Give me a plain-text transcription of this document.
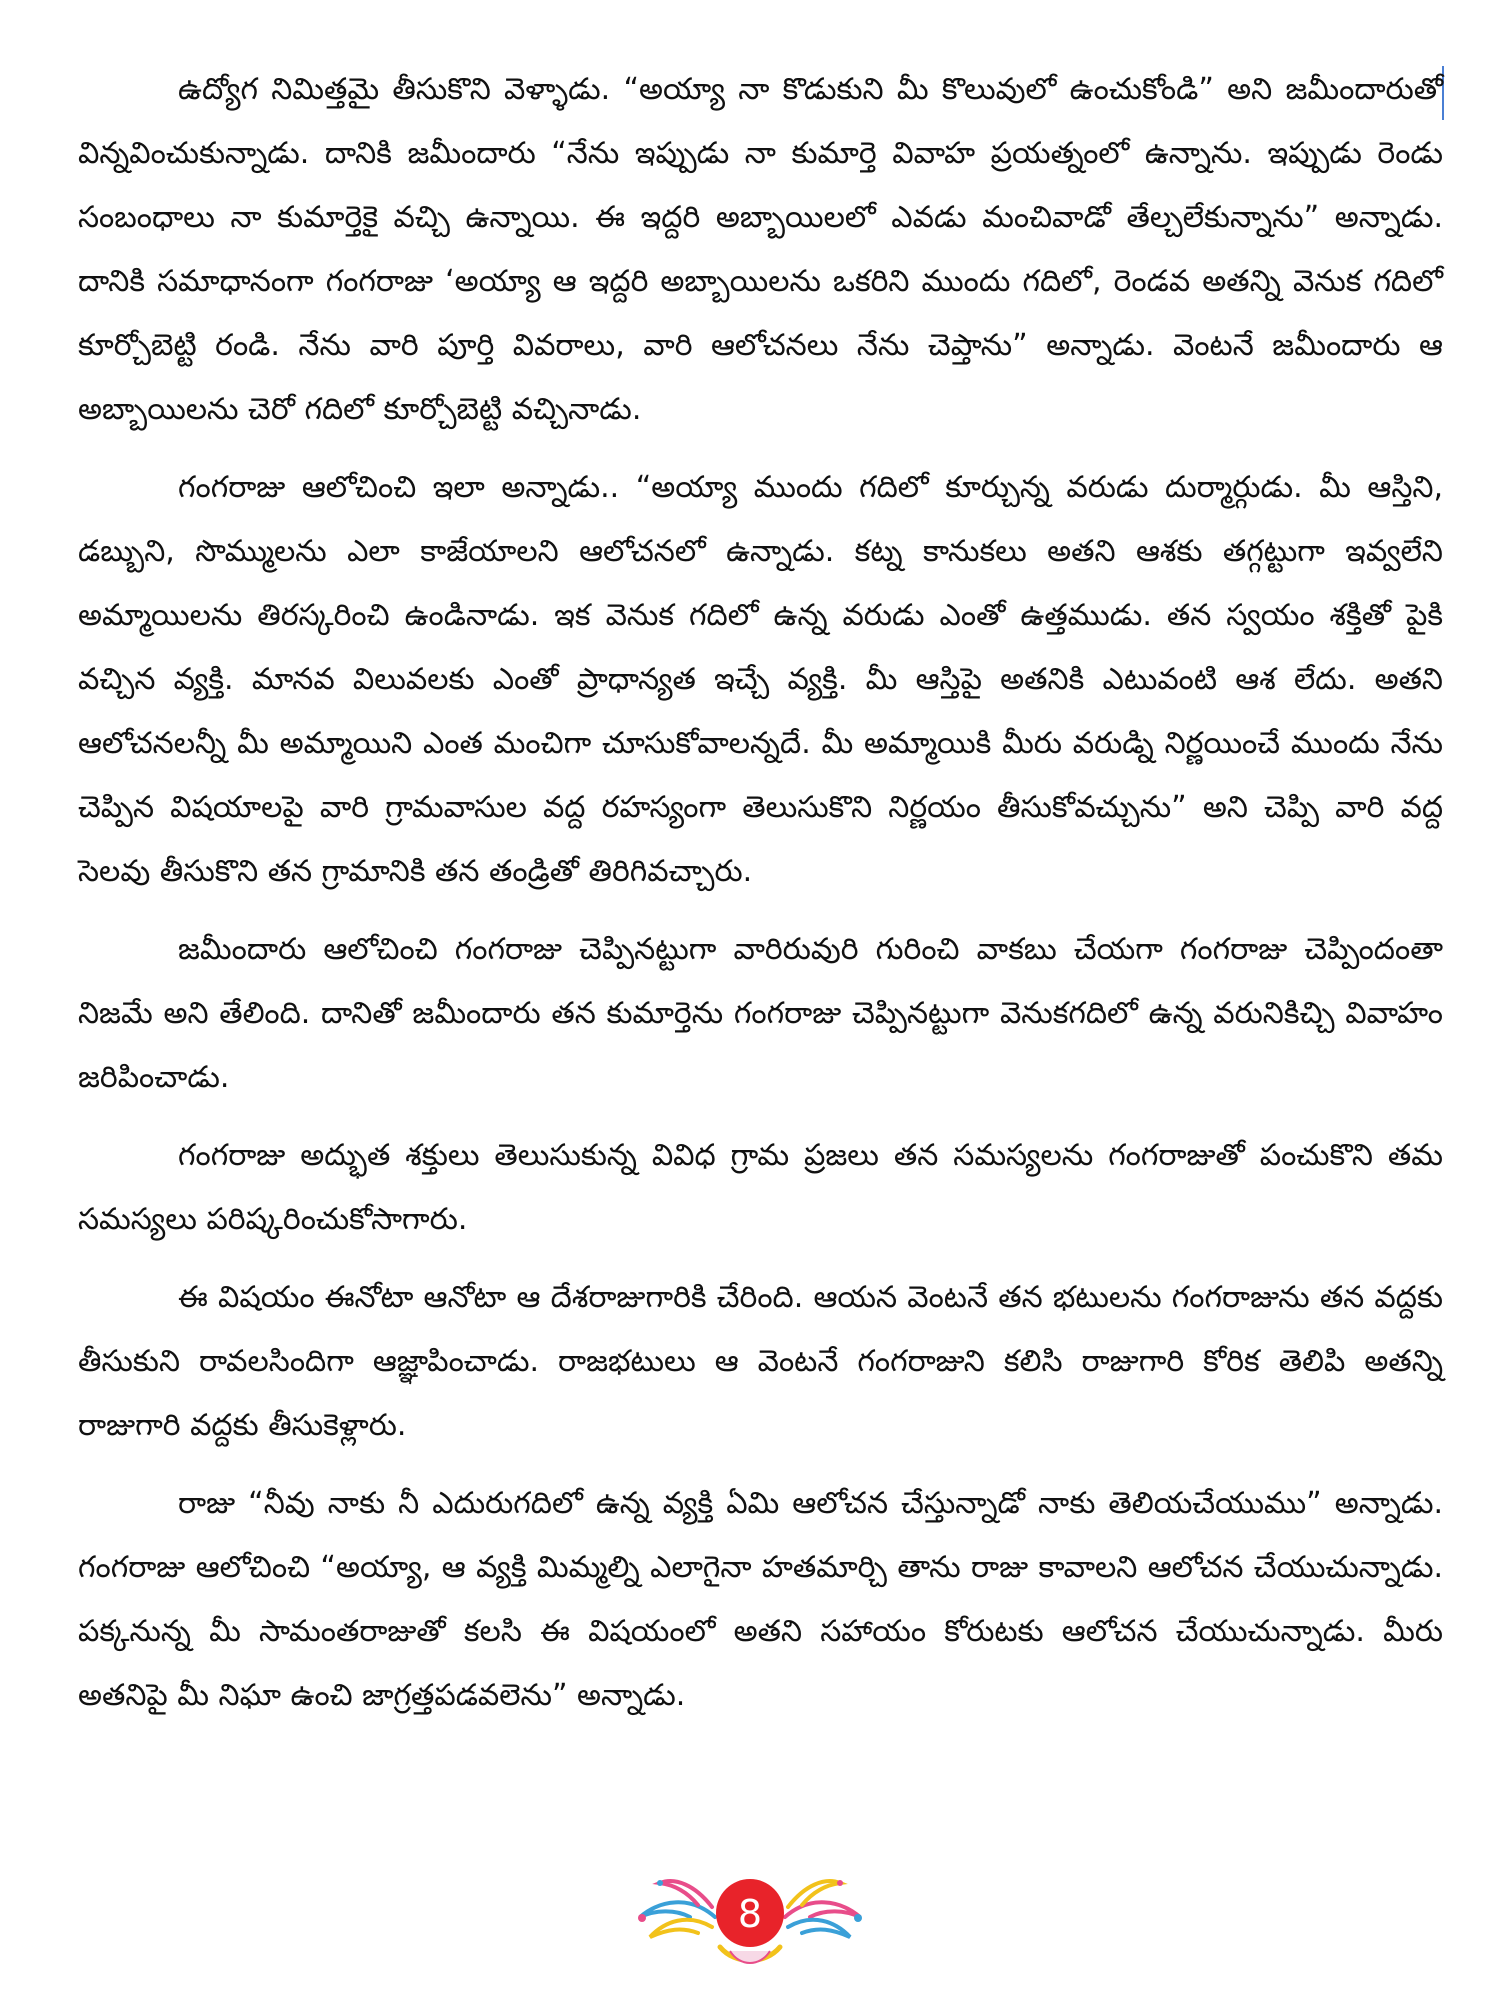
ఉద్యోగ నిమిత్తమై తీసుకొని వెళ్ళాడు. “అయ్యా నా కొడుకుని మీ కొలువులో ఉంచుకోండి” అని జమీందారుతో విన్నవించుకున్నాడు. దానికి జమీందారు “నేను ఇప్పుడు నా కుమార్తె వివాహ ప్రయత్నంలో ఉన్నాను. ఇప్పుడు రెండు సంబంధాలు నా కుమార్తెకై వచ్చి ఉన్నాయి. ఈ ఇద్దరి అబ్బాయిలలో ఎవడు మంచివాడో తేల్చలేకున్నాను” అన్నాడు. దానికి సమాధానంగా గంగరాజు ‘అయ్యా ఆ ఇద్దరి అబ్బాయిలను ఒకరిని ముందు గదిలో, రెండవ అతన్ని వెనుక గదిలో కూర్చోబెట్టి రండి. నేను వారి పూర్తి వివరాలు, వారి ఆలోచనలు నేను చెప్తాను” అన్నాడు. వెంటనే జమీందారు ఆ అబ్బాయిలను చెరో గదిలో కూర్చోబెట్టి వచ్చినాడు.

గంగరాజు ఆలోచించి ఇలా అన్నాడు.. “అయ్యా ముందు గదిలో కూర్చున్న వరుడు దుర్మార్గుడు. మీ ఆస్తిని, డబ్బుని, సొమ్ములను ఎలా కాజేయాలని ఆలోచనలో ఉన్నాడు. కట్న కానుకలు అతని ఆశకు తగ్గట్టుగా ఇవ్వలేని అమ్మాయిలను తిరస్కరించి ఉండినాడు. ఇక వెనుక గదిలో ఉన్న వరుడు ఎంతో ఉత్తముడు. తన స్వయం శక్తితో పైకి వచ్చిన వ్యక్తి. మానవ విలువలకు ఎంతో ప్రాధాన్యత ఇచ్చే వ్యక్తి. మీ ఆస్తిపై అతనికి ఎటువంటి ఆశ లేదు. అతని ఆలోచనలన్నీ మీ అమ్మాయిని ఎంత మంచిగా చూసుకోవాలన్నదే. మీ అమ్మాయికి మీరు వరుడ్ని నిర్ణయించే ముందు నేను చెప్పిన విషయాలపై వారి గ్రామవాసుల వద్ద రహస్యంగా తెలుసుకొని నిర్ణయం తీసుకోవచ్చును” అని చెప్పి వారి వద్ద సెలవు తీసుకొని తన గ్రామానికి తన తండ్రితో తిరిగివచ్చారు.

జమీందారు ఆలోచించి గంగరాజు చెప్పినట్టుగా వారిరువురి గురించి వాకబు చేయగా గంగరాజు చెప్పిందంతా నిజమే అని తేలింది. దానితో జమీందారు తన కుమార్తెను గంగరాజు చెప్పినట్టుగా వెనుకగదిలో ఉన్న వరునికిచ్చి వివాహం జరిపించాడు.

గంగరాజు అద్భుత శక్తులు తెలుసుకున్న వివిధ గ్రామ ప్రజలు తన సమస్యలను గంగరాజుతో పంచుకొని తమ సమస్యలు పరిష్కరించుకోసాగారు.

ఈ విషయం ఈనోటా ఆనోటా ఆ దేశరాజుగారికి చేరింది. ఆయన వెంటనే తన భటులను గంగరాజును తన వద్దకు తీసుకుని రావలసిందిగా ఆజ్ఞాపించాడు. రాజభటులు ఆ వెంటనే గంగరాజుని కలిసి రాజుగారి కోరిక తెలిపి అతన్ని రాజుగారి వద్దకు తీసుకెళ్లారు.

రాజు “నీవు నాకు నీ ఎదురుగదిలో ఉన్న వ్యక్తి ఏమి ఆలోచన చేస్తున్నాడో నాకు తెలియచేయుము” అన్నాడు. గంగరాజు ఆలోచించి “అయ్యా, ఆ వ్యక్తి మిమ్మల్ని ఎలాగైనా హతమార్చి తాను రాజు కావాలని ఆలోచన చేయుచున్నాడు. పక్కనున్న మీ సామంతరాజుతో కలసి ఈ విషయంలో అతని సహాయం కోరుటకు ఆలోచన చేయుచున్నాడు. మీరు అతనిపై మీ నిఘా ఉంచి జాగ్రత్తపడవలెను” అన్నాడు.

8
